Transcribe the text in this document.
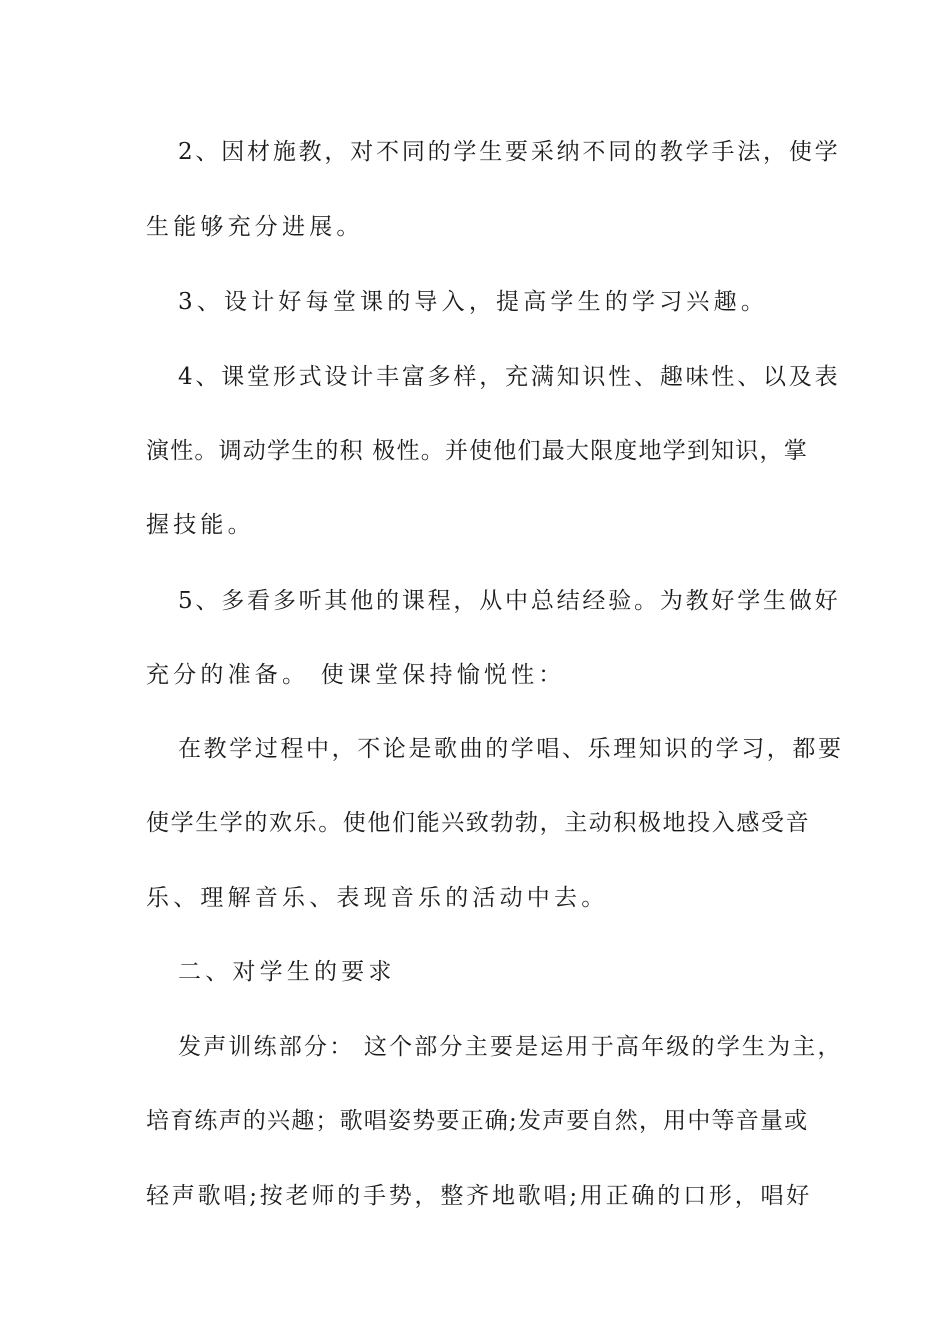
2、因材施教，对不同的学生要采纳不同的教学手法，使学
生能够充分进展。
3、设计好每堂课的导入，提高学生的学习兴趣。
4、课堂形式设计丰富多样，充满知识性、趣味性、以及表
演性。调动学生的积 极性。并使他们最大限度地学到知识，掌
握技能。
5、多看多听其他的课程，从中总结经验。为教好学生做好
充分的准备。 使课堂保持愉悦性：
在教学过程中，不论是歌曲的学唱、乐理知识的学习，都要
使学生学的欢乐。使他们能兴致勃勃，主动积极地投入感受音
乐、理解音乐、表现音乐的活动中去。
二、对学生的要求
发声训练部分： 这个部分主要是运用于高年级的学生为主，
培育练声的兴趣；歌唱姿势要正确;发声要自然，用中等音量或
轻声歌唱;按老师的手势，整齐地歌唱;用正确的口形，唱好
